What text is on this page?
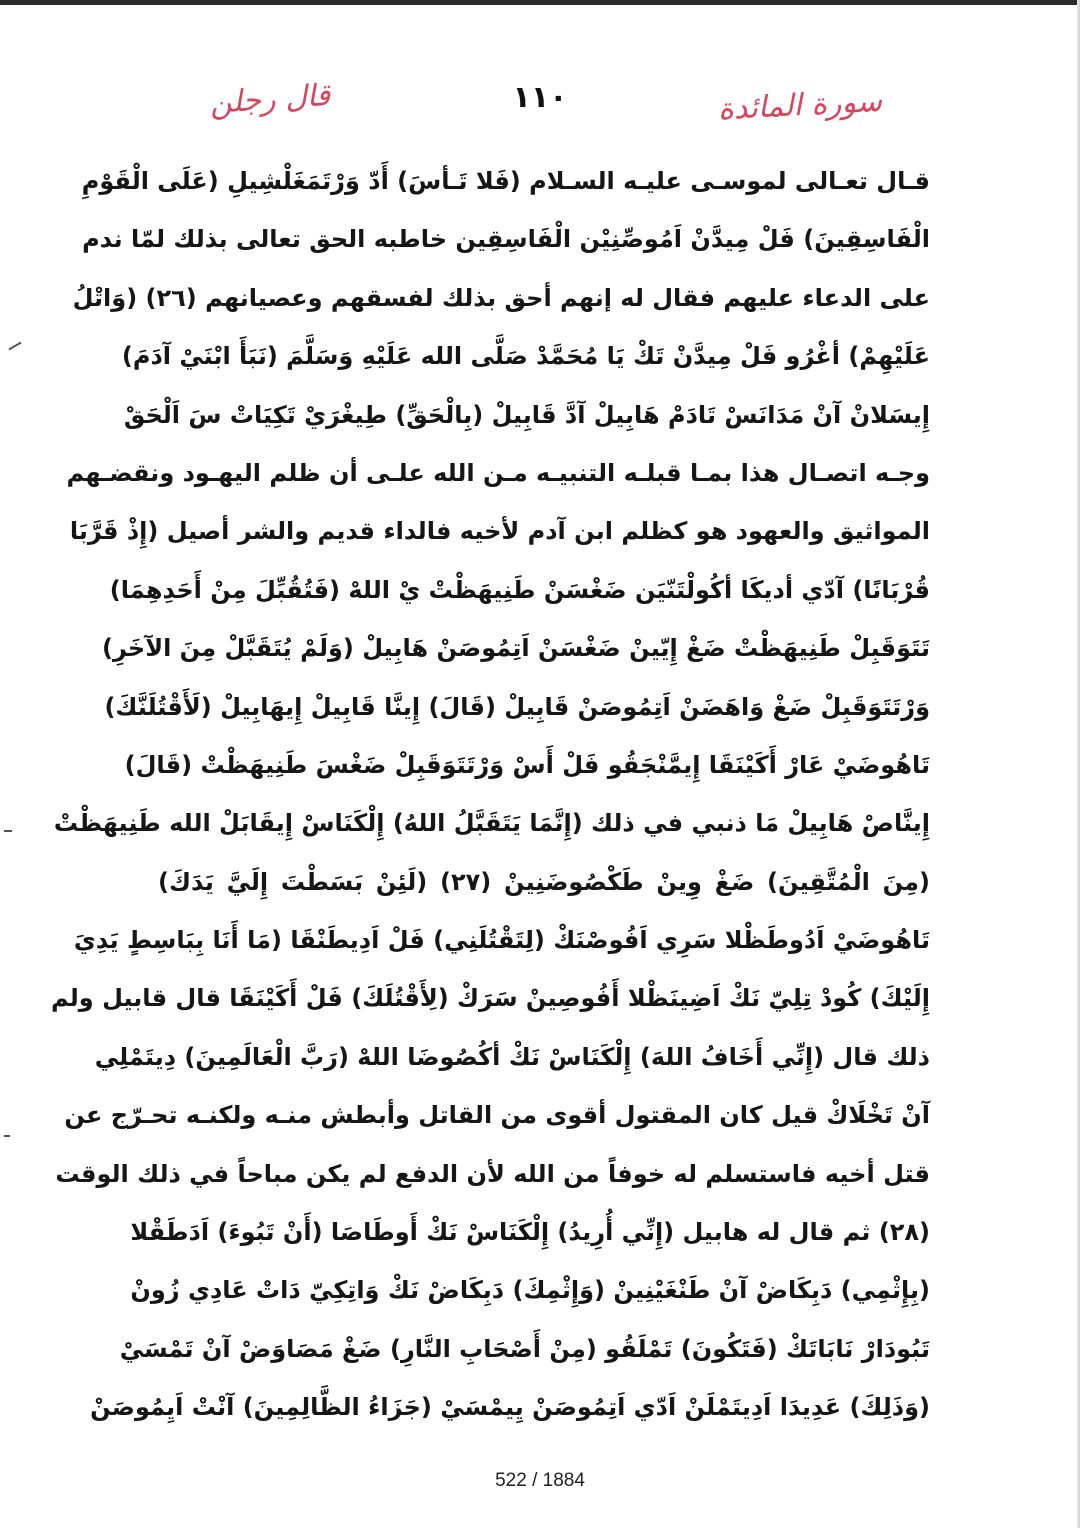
قال رجلن	١١٠	سورة المائدة
قـال تعـالى لموسـى عليـه السـلام (فَلا تَـأسَ) أَدّ وَرْتَمَغَلْشِيلِ (عَلَى الْقَوْمِ
الْفَاسِقِينَ) فَلْ مِيدَّنْ اَمُوصِّنِيْن الْفَاسِقِين خاطبه الحق تعالى بذلك لمّا ندم
على الدعاء عليهم فقال له إنهم أحق بذلك لفسقهم وعصيانهم (٢٦) (وَاتْلُ
عَلَيْهِمْ) أغْرُو فَلْ مِيدَّنْ تَكْ يَا مُحَمَّدْ صَلَّى الله عَلَيْهِ وَسَلَّمَ (نَبَأَ ابْنَيْ آدَمَ)
إِيسَلانْ آنْ مَدَانَسْ تَادَمْ هَابِيلْ آدَّ قَابِيلْ (بِالْحَقِّ) طِيغْرَيْ تَكِيَاتْ سَ اَلْحَقْ
وجـه اتصـال هذا بمـا قبلـه التنبيـه مـن الله علـى أن ظلم اليهـود ونقضـهم
المواثيق والعهود هو كظلم ابن آدم لأخيه فالداء قديم والشر أصيل (إِذْ قَرَّبَا
قُرْبَانًا) آدّي أديكَا أكُولْتَنّيَن ضَغْسَنْ طَنِيهَظْتْ يْ اللهْ (فَتُقُبِّلَ مِنْ أَحَدِهِمَا)
تَتَوَقَبِلْ طَنِيهَظْتْ ضَغْ إِيّينْ ضَغْسَنْ اَتِمُوصَنْ هَابِيلْ (وَلَمْ يُتَقَبَّلْ مِنَ الآخَرِ)
وَرْتَتَوَقَبِلْ ضَغْ وَاهَضَنْ اَتِمُوصَنْ قَابِيلْ (قَالَ) إِينَّا قَابِيلْ إِيهَابِيلْ (لَأَقْتُلَنَّكَ)
تَاهُوضَيْ عَارْ أَكَيْنَقَا إِيمَّنْجَقُو فَلْ أَسْ وَرْتَتَوَقَبِلْ ضَغْسَ طَنِيهَظْتْ (قَالَ)
إِينَّاصْ هَابِيلْ مَا ذنبي في ذلك (إِنَّمَا يَتَقَبَّلُ اللهُ) إِلْكَنَاسْ إِيقَابَلْ الله طَنِيهَظْتْ
(مِنَ الْمُتَّقِينَ) ضَغْ وِينْ طَكْصُوضَنِينْ (٢٧) (لَئِنْ بَسَطْتَ إِلَيَّ يَدَكَ)
تَاهُوضَيْ اَدُوطَظْلا سَرِي اَفُوصْنَكْ (لِتَقْتُلَنِي) فَلْ اَدِيطَنْقَا (مَا أَنَا بِبَاسِطٍ يَدِيَ
إِلَيْكَ) كُودْ تِلِيّ نَكْ اَضِينَظْلا أَفُوصِينْ سَرَكْ (لِأَقْتُلَكَ) فَلْ أَكَيْنَقَا قال قابيل ولم
ذلك قال (إِنِّي أَخَافُ اللهَ) إِلْكَنَاسْ نَكْ أكُصُوضَا اللهْ (رَبَّ الْعَالَمِينَ) دِيتَمْلِي
آنْ تَخْلَاكْ قيل كان المقتول أقوى من القاتل وأبطش منـه ولكنـه تحـرّج عن
قتل أخيه فاستسلم له خوفاً من الله لأن الدفع لم يكن مباحاً في ذلك الوقت
(٢٨) ثم قال له هابيل (إِنِّي أُرِيدُ) إِلْكَنَاسْ نَكْ أَوطَاصَا (أَنْ تَبُوءَ) اَدَطَقْلا
(بِإِثْمِي) دَبِكَاضْ آنْ طَنْغَيْنِينْ (وَإِثْمِكَ) دَبِكَاضْ نَكْ وَاتِكِيّ دَاتْ عَادِي زُونْ
تَبُودَارْ نَابَاتَكْ (فَتَكُونَ) تَمْلَقُو (مِنْ أَصْحَابِ النَّارِ) ضَغْ مَصَاوَضْ آنْ تَمْسَيْ
(وَذَلِكَ) عَدِيدَا اَدِيتَمْلَنْ اَدّي اَتِمُوصَنْ يِيمْسَيْ (جَزَاءُ الظَّالِمِينَ) آنْتْ اَيِمُوصَنْ
522 / 1884
